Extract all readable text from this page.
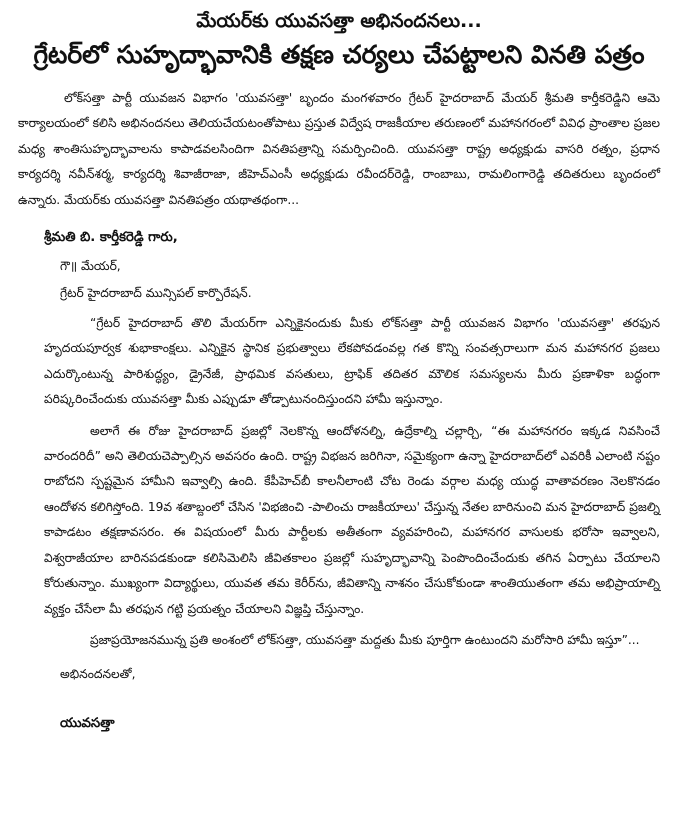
మేయర్‌కు యువసత్తా అభినందనలు...
గ్రేటర్‌లో సుహృద్భావానికి తక్షణ చర్యలు చేపట్టాలని వినతి పత్రం

లోక్‌సత్తా పార్టీ యువజన విభాగం 'యువసత్తా' బృందం మంగళవారం గ్రేటర్ హైదరాబాద్ మేయర్ శ్రీమతి కార్తీకరెడ్డిని ఆమె కార్యాలయంలో కలిసి అభినందనలు తెలియచేయటంతోపాటు ప్రస్తుత విద్వేష రాజకీయాల తరుణంలో మహానగరంలో వివిధ ప్రాంతాల ప్రజల మధ్య శాంతిసుహృద్భావాలను కాపాడవలసిందిగా వినతిపత్రాన్ని సమర్పించింది. యువసత్తా రాష్ట్ర అధ్యక్షుడు వాసరి రత్నం, ప్రధాన కార్యదర్శి నవీన్‌శర్మ, కార్యదర్శి శివాజీరాజా, జీహెచ్ఎంసీ అధ్యక్షుడు రవీందర్‌రెడ్డి, రాంబాబు, రామలింగారెడ్డి తదితరులు బృందంలో ఉన్నారు. మేయర్‌కు యువసత్తా వినతిపత్రం యథాతథంగా...

శ్రీమతి బి. కార్తీకరెడ్డి గారు,
గౌ॥ మేయర్,
గ్రేటర్ హైదరాబాద్ మున్సిపల్ కార్పొరేషన్.

“గ్రేటర్ హైదరాబాద్ తొలి మేయర్‌గా ఎన్నికైనందుకు మీకు లోక్‌సత్తా పార్టీ యువజన విభాగం 'యువసత్తా' తరఫున హృదయపూర్వక శుభాకాంక్షలు. ఎన్నికైన స్థానిక ప్రభుత్వాలు లేకపోవడంవల్ల గత కొన్ని సంవత్సరాలుగా మన మహానగర ప్రజలు ఎదుర్కొంటున్న పారిశుద్ధ్యం, డ్రైనేజీ, ప్రాథమిక వసతులు, ట్రాఫిక్ తదితర మౌలిక సమస్యలను మీరు ప్రణాళికా బద్ధంగా పరిష్కరించేందుకు యువసత్తా మీకు ఎప్పుడూ తోడ్పాటునందిస్తుందని హామీ ఇస్తున్నాం.

అలాగే ఈ రోజు హైదరాబాద్ ప్రజల్లో నెలకొన్న ఆందోళనల్ని, ఉద్రేకాల్ని చల్లార్చి, “ఈ మహానగరం ఇక్కడ నివసించే వారందరిదీ” అని తెలియచెప్పాల్సిన అవసరం ఉంది. రాష్ట్ర విభజన జరిగినా, సమైక్యంగా ఉన్నా హైదరాబాద్‌లో ఎవరికీ ఎలాంటి నష్టం రాబోదని స్పష్టమైన హామీని ఇవ్వాల్సి ఉంది. కేపీహెచ్‌బీ కాలనీలాంటి చోట రెండు వర్గాల మధ్య యుద్ధ వాతావరణం నెలకొనడం ఆందోళన కలిగిస్తోంది. 19వ శతాబ్దంలో చేసిన 'విభజించి -పాలించు రాజకీయాలు' చేస్తున్న నేతల బారినుంచి మన హైదరాబాద్ ప్రజల్ని కాపాడటం తక్షణావసరం. ఈ విషయంలో మీరు పార్టీలకు అతీతంగా వ్యవహరించి, మహానగర వాసులకు భరోసా ఇవ్వాలని, విశ్వరాజీయాల బారినపడకుండా కలిసిమెలిసి జీవితకాలం ప్రజల్లో సుహృద్భావాన్ని పెంపొందించేందుకు తగిన ఏర్పాటు చేయాలని కోరుతున్నాం. ముఖ్యంగా విద్యార్థులు, యువత తమ కెరీర్‌ను, జీవితాన్ని నాశనం చేసుకోకుండా శాంతియుతంగా తమ అభిప్రాయాల్ని వ్యక్తం చేసేలా మీ తరఫున గట్టి ప్రయత్నం చేయాలని విజ్ఞప్తి చేస్తున్నాం.

ప్రజాప్రయోజనమున్న ప్రతి అంశంలో లోక్‌సత్తా, యువసత్తా మద్దతు మీకు పూర్తిగా ఉంటుందని మరోసారి హామీ ఇస్తూ”...

అభినందనలతో,
యువసత్తా
